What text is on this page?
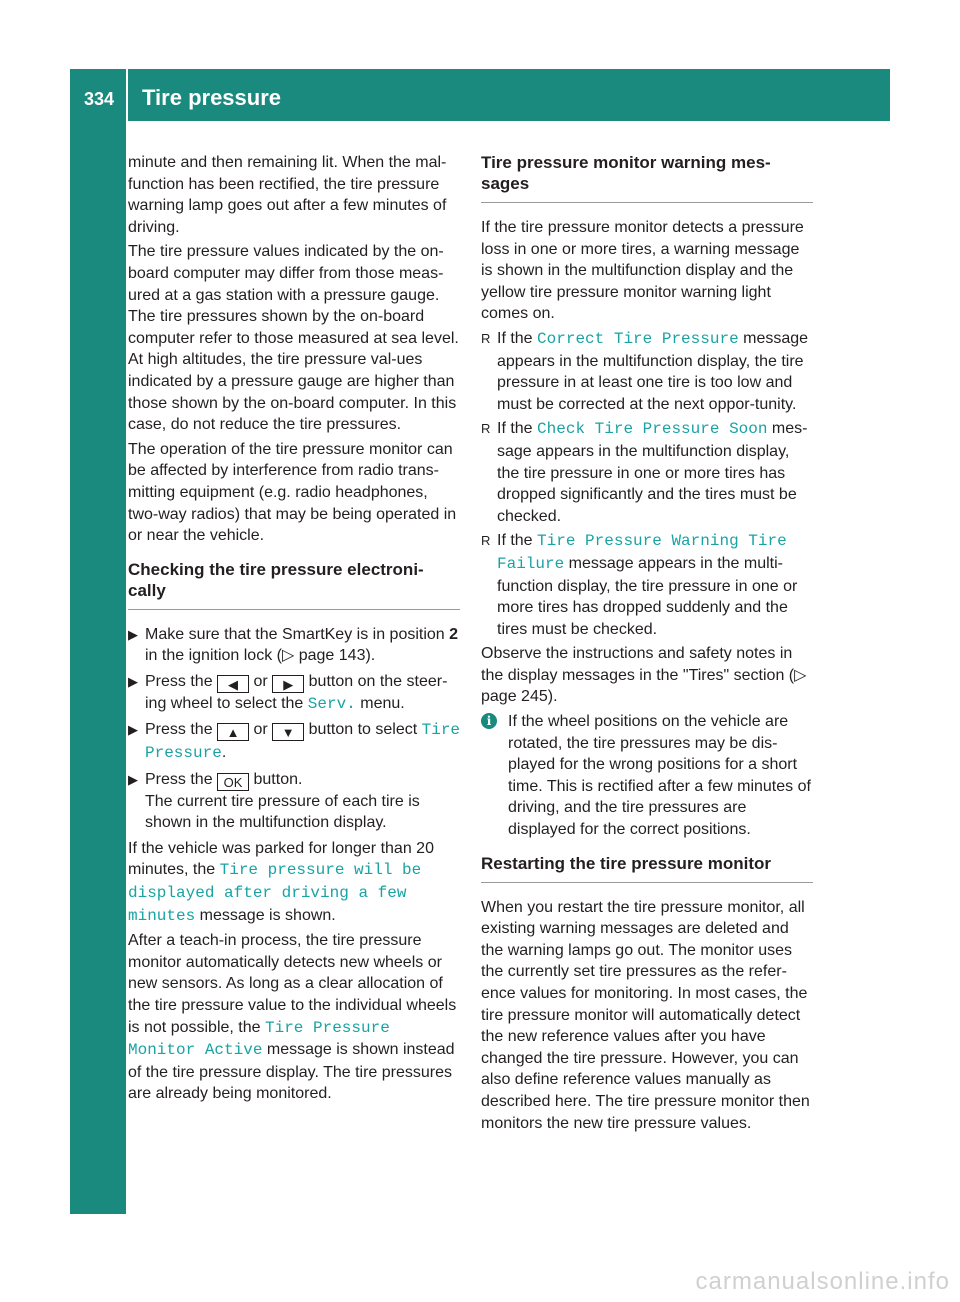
334 Tire pressure
Wheels and tires

minute and then remaining lit. When the mal-function has been rectified, the tire pressure warning lamp goes out after a few minutes of driving.

The tire pressure values indicated by the on-board computer may differ from those meas-ured at a gas station with a pressure gauge. The tire pressures shown by the on-board computer refer to those measured at sea level. At high altitudes, the tire pressure val-ues indicated by a pressure gauge are higher than those shown by the on-board computer. In this case, do not reduce the tire pressures.

The operation of the tire pressure monitor can be affected by interference from radio trans-mitting equipment (e.g. radio headphones, two-way radios) that may be being operated in or near the vehicle.

Checking the tire pressure electroni-cally
▶ Make sure that the SmartKey is in position 2 in the ignition lock (▷ page 143).
▶ Press the ◀ or ▶ button on the steer-ing wheel to select the Serv. menu.
▶ Press the ▲ or ▼ button to select Tire Pressure.
▶ Press the OK button.
The current tire pressure of each tire is shown in the multifunction display.

If the vehicle was parked for longer than 20 minutes, the Tire pressure will be displayed after driving a few minutes message is shown.

After a teach-in process, the tire pressure monitor automatically detects new wheels or new sensors. As long as a clear allocation of the tire pressure value to the individual wheels is not possible, the Tire Pressure Monitor Active message is shown instead of the tire pressure display. The tire pressures are already being monitored.

Tire pressure monitor warning mes-sages

If the tire pressure monitor detects a pressure loss in one or more tires, a warning message is shown in the multifunction display and the yellow tire pressure monitor warning light comes on.

R If the Correct Tire Pressure message appears in the multifunction display, the tire pressure in at least one tire is too low and must be corrected at the next oppor-tunity.
R If the Check Tire Pressure Soon mes-sage appears in the multifunction display, the tire pressure in one or more tires has dropped significantly and the tires must be checked.
R If the Tire Pressure Warning Tire Failure message appears in the multi-function display, the tire pressure in one or more tires has dropped suddenly and the tires must be checked.

Observe the instructions and safety notes in the display messages in the "Tires" section (▷ page 245).

i	If the wheel positions on the vehicle are rotated, the tire pressures may be dis-played for the wrong positions for a short time. This is rectified after a few minutes of driving, and the tire pressures are displayed for the correct positions.
Restarting the tire pressure monitor

When you restart the tire pressure monitor, all existing warning messages are deleted and the warning lamps go out. The monitor uses the currently set tire pressures as the refer-ence values for monitoring. In most cases, the tire pressure monitor will automatically detect the new reference values after you have changed the tire pressure. However, you can also define reference values manually as described here. The tire pressure monitor then monitors the new tire pressure values.

carmanualsonline.info
